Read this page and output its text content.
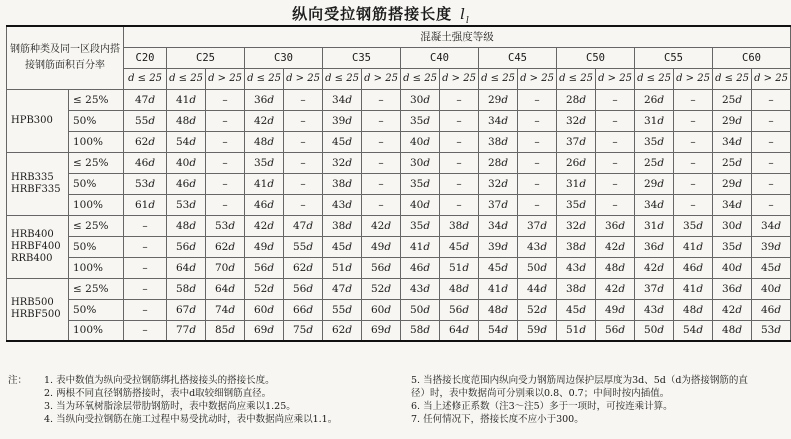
纵向受拉钢筋搭接长度 $l_l$
钢筋种类及同一区段内搭接钢筋面积百分率		混凝土强度等级																
		C20	C25		C30		C35		C40		C45		C50		C55		C60	
		d ≤ 25	d ≤ 25	d > 25	d ≤ 25	d > 25	d ≤ 25	d > 25	d ≤ 25	d > 25	d ≤ 25	d > 25	d ≤ 25	d > 25	d ≤ 25	d > 25	d ≤ 25	d > 25
HPB300	≤ 25%	47d	41d	–	36d	–	34d	–	30d	–	29d	–	28d	–	26d	–	25d	–
	50%	55d	48d	–	42d	–	39d	–	35d	–	34d	–	32d	–	31d	–	29d	–
	100%	62d	54d	–	48d	–	45d	–	40d	–	38d	–	37d	–	35d	–	34d	–
HRB335
HRBF335	≤ 25%	46d	40d	–	35d	–	32d	–	30d	–	28d	–	26d	–	25d	–	25d	–
	50%	53d	46d	–	41d	–	38d	–	35d	–	32d	–	31d	–	29d	–	29d	–
	100%	61d	53d	–	46d	–	43d	–	40d	–	37d	–	35d	–	34d	–	34d	–
HRB400
HRBF400
RRB400	≤ 25%	–	48d	53d	42d	47d	38d	42d	35d	38d	34d	37d	32d	36d	31d	35d	30d	34d
	50%	–	56d	62d	49d	55d	45d	49d	41d	45d	39d	43d	38d	42d	36d	41d	35d	39d
	100%	–	64d	70d	56d	62d	51d	56d	46d	51d	45d	50d	43d	48d	42d	46d	40d	45d
HRB500
HRBF500	≤ 25%	–	58d	64d	52d	56d	47d	52d	43d	48d	41d	44d	38d	42d	37d	41d	36d	40d
	50%	–	67d	74d	60d	66d	55d	60d	50d	56d	48d	52d	45d	49d	43d	48d	42d	46d
	100%	–	77d	85d	69d	75d	62d	69d	58d	64d	54d	59d	51d	56d	50d	54d	48d	53d
注：	1. 表中数值为纵向受拉钢筋绑扎搭接接头的搭接长度。
2. 两根不同直径钢筋搭接时，表中d取较细钢筋直径。
3. 当为环氧树脂涂层带肋钢筋时，表中数据尚应乘以1.25。
4. 当纵向受拉钢筋在施工过程中易受扰动时，表中数据尚应乘以1.1。
5. 当搭接长度范围内纵向受力钢筋周边保护层厚度为3d、5d（d为搭接钢筋的直径）时，表中数据尚可分别乘以0.8、0.7；中间时按内插值。
6. 当上述修正系数（注3～注5）多于一项时，可按连乘计算。
7. 任何情况下，搭接长度不应小于300。
